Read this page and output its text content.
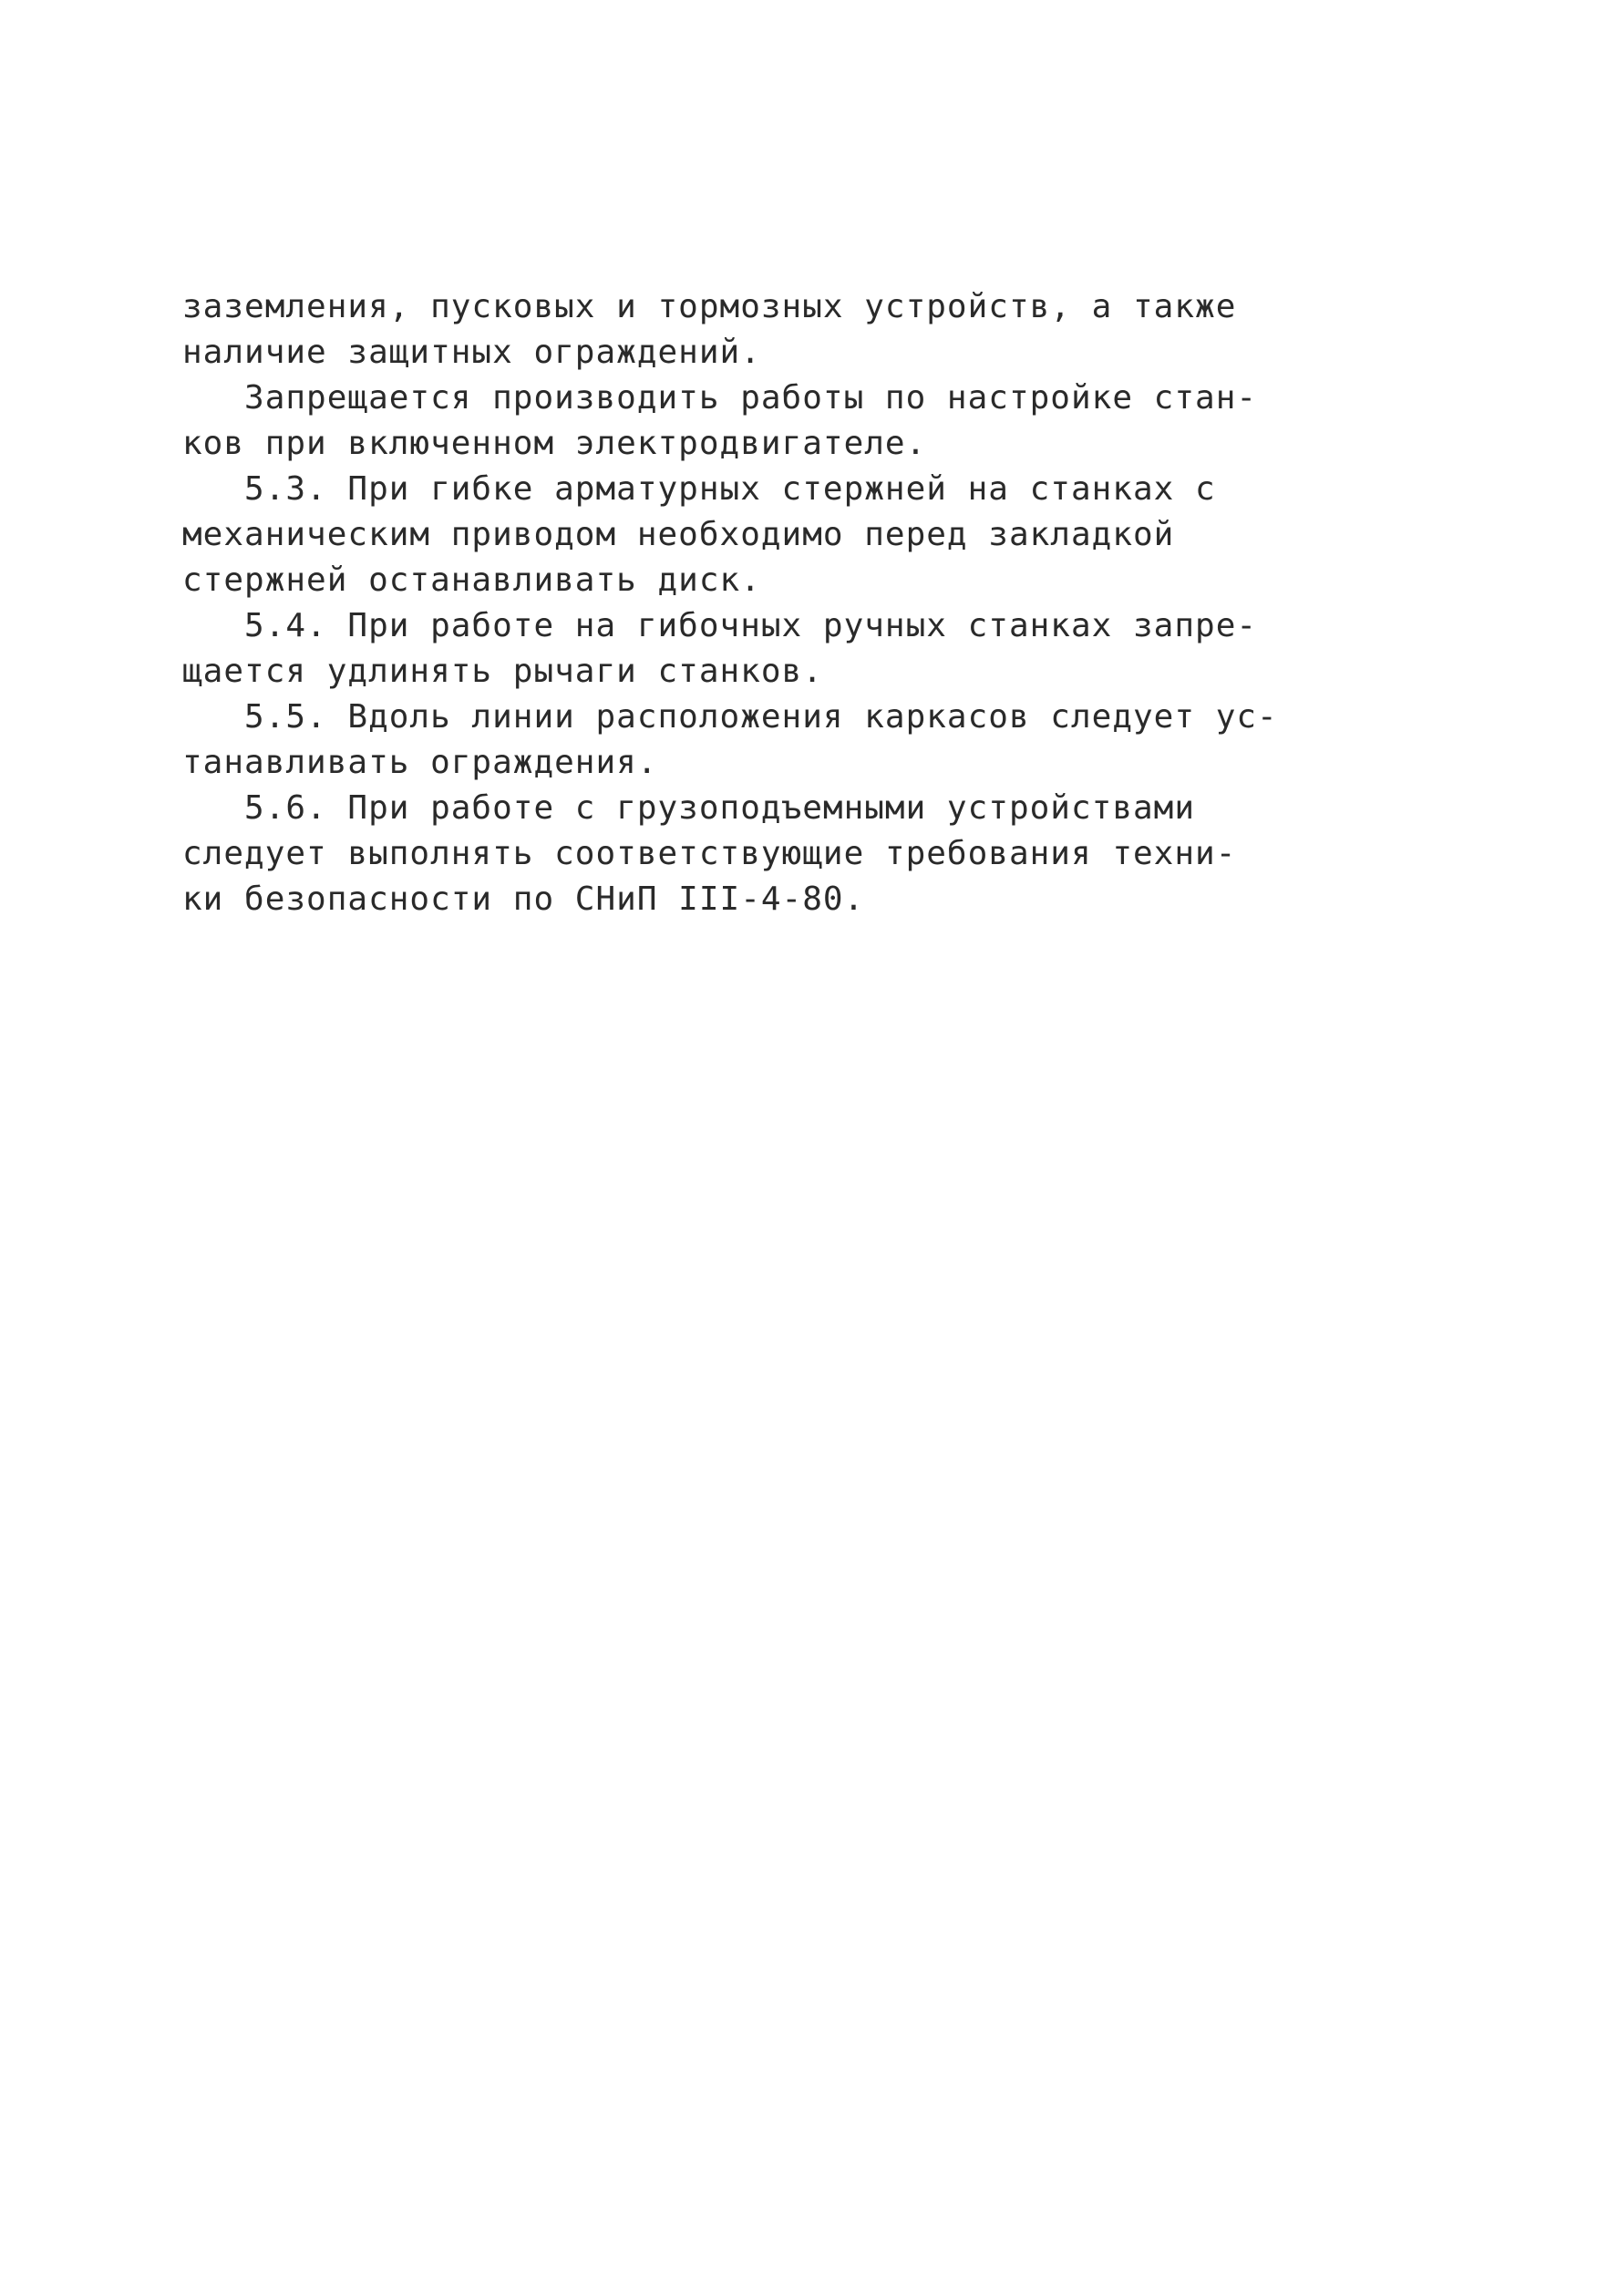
заземления, пусковых и тормозных устройств, а также
наличие защитных ограждений.
Запрещается производить работы по настройке стан-
ков при включенном электродвигателе.
5.3. При гибке арматурных стержней на станках с
механическим приводом необходимо перед закладкой
стержней останавливать диск.
5.4. При работе на гибочных ручных станках запре-
щается удлинять рычаги станков.
5.5. Вдоль линии расположения каркасов следует ус-
танавливать ограждения.
5.6. При работе с грузоподъемными устройствами
следует выполнять соответствующие требования техни-
ки безопасности по СНиП III-4-80.
